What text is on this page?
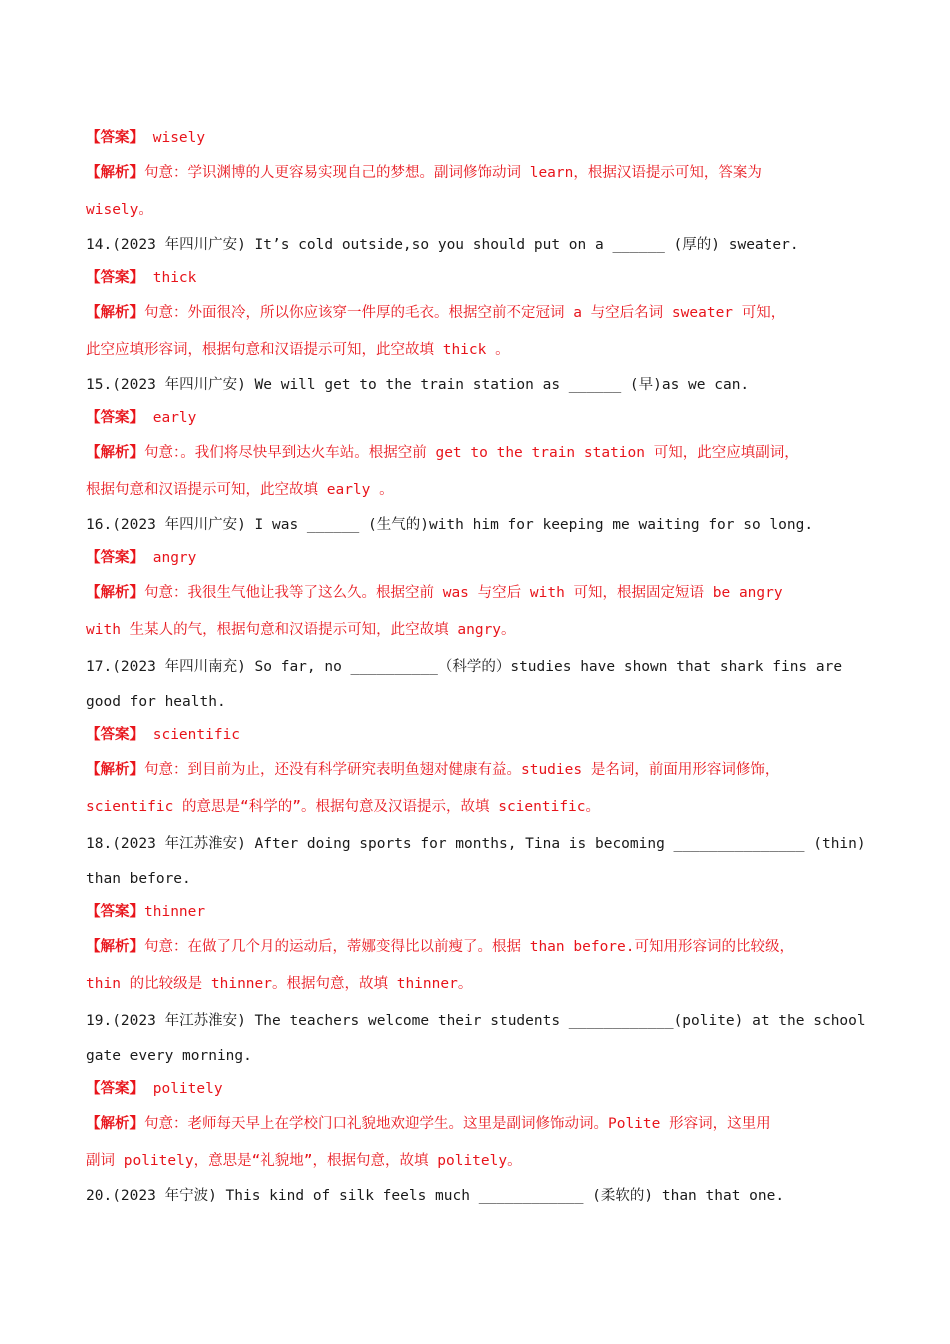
【答案】 wisely
【解析】句意：学识渊博的人更容易实现自己的梦想。副词修饰动词 learn，根据汉语提示可知，答案为
wisely。
14.(2023 年四川广安) It’s cold outside,so you should put on a ______ (厚的) sweater.
【答案】 thick
【解析】句意：外面很冷，所以你应该穿一件厚的毛衣。根据空前不定冠词 a 与空后名词 sweater 可知，
此空应填形容词，根据句意和汉语提示可知，此空故填 thick 。
15.(2023 年四川广安) We will get to the train station as ______ (早)as we can.
【答案】 early
【解析】句意：。我们将尽快早到达火车站。根据空前 get to the train station 可知，此空应填副词，
根据句意和汉语提示可知，此空故填 early 。
16.(2023 年四川广安) I was ______ (生气的)with him for keeping me waiting for so long.
【答案】 angry
【解析】句意：我很生气他让我等了这么久。根据空前 was 与空后 with 可知，根据固定短语 be angry
with 生某人的气，根据句意和汉语提示可知，此空故填 angry。
17.(2023 年四川南充) So far, no __________（科学的）studies have shown that shark fins are
good for health.
【答案】 scientific
【解析】句意：到目前为止，还没有科学研究表明鱼翅对健康有益。studies 是名词，前面用形容词修饰，
scientific 的意思是“科学的”。根据句意及汉语提示，故填 scientific。
18.(2023 年江苏淮安) After doing sports for months, Tina is becoming _______________ (thin)
than before.
【答案】thinner
【解析】句意：在做了几个月的运动后，蒂娜变得比以前瘦了。根据 than before.可知用形容词的比较级，
thin 的比较级是 thinner。根据句意，故填 thinner。
19.(2023 年江苏淮安) The teachers welcome their students ____________(polite) at the school
gate every morning.
【答案】 politely
【解析】句意：老师每天早上在学校门口礼貌地欢迎学生。这里是副词修饰动词。Polite 形容词，这里用
副词 politely，意思是“礼貌地”，根据句意，故填 politely。
20.(2023 年宁波) This kind of silk feels much ____________ (柔软的) than that one.
